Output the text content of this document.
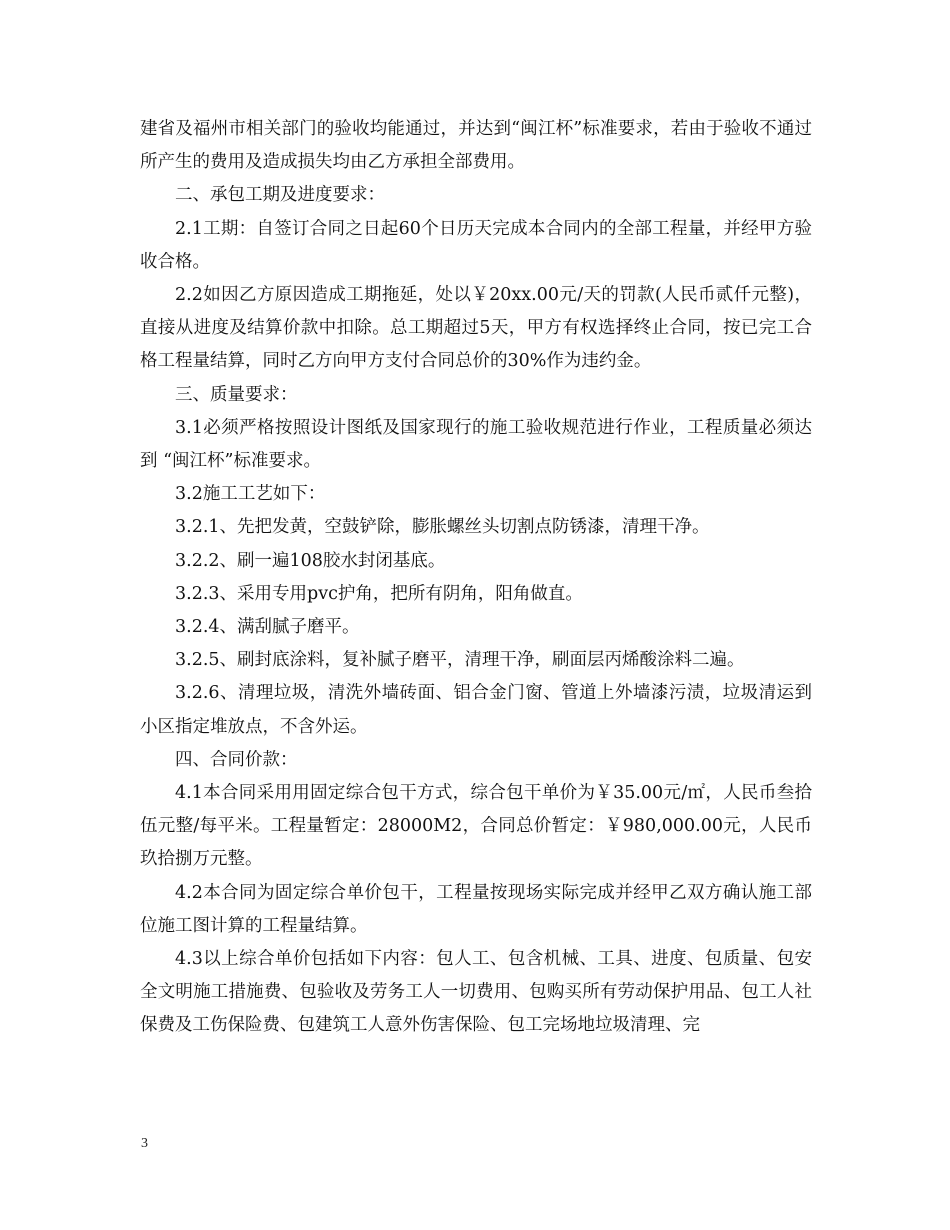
建省及福州市相关部门的验收均能通过，并达到“闽江杯”标准要求，若由于验收不通过所产生的费用及造成损失均由乙方承担全部费用。

二、承包工期及进度要求：

2.1工期：自签订合同之日起60个日历天完成本合同内的全部工程量，并经甲方验收合格。

2.2如因乙方原因造成工期拖延，处以￥20xx.00元/天的罚款(人民币贰仟元整)，直接从进度及结算价款中扣除。总工期超过5天，甲方有权选择终止合同，按已完工合格工程量结算，同时乙方向甲方支付合同总价的30%作为违约金。

三、质量要求：

3.1必须严格按照设计图纸及国家现行的施工验收规范进行作业，工程质量必须达到 “闽江杯”标准要求。

3.2施工工艺如下：

3.2.1、先把发黄，空鼓铲除，膨胀螺丝头切割点防锈漆，清理干净。

3.2.2、刷一遍108胶水封闭基底。

3.2.3、采用专用pvc护角，把所有阴角，阳角做直。

3.2.4、满刮腻子磨平。

3.2.5、刷封底涂料，复补腻子磨平，清理干净，刷面层丙烯酸涂料二遍。

3.2.6、清理垃圾，清洗外墙砖面、铝合金门窗、管道上外墙漆污渍，垃圾清运到小区指定堆放点，不含外运。

四、合同价款：

4.1本合同采用用固定综合包干方式，综合包干单价为￥35.00元/㎡，人民币叁拾伍元整/每平米。工程量暂定：28000M2，合同总价暂定：￥980,000.00元，人民币玖拾捌万元整。

4.2本合同为固定综合单价包干，工程量按现场实际完成并经甲乙双方确认施工部位施工图计算的工程量结算。

4.3以上综合单价包括如下内容：包人工、包含机械、工具、进度、包质量、包安全文明施工措施费、包验收及劳务工人一切费用、包购买所有劳动保护用品、包工人社保费及工伤保险费、包建筑工人意外伤害保险、包工完场地垃圾清理、完

3
